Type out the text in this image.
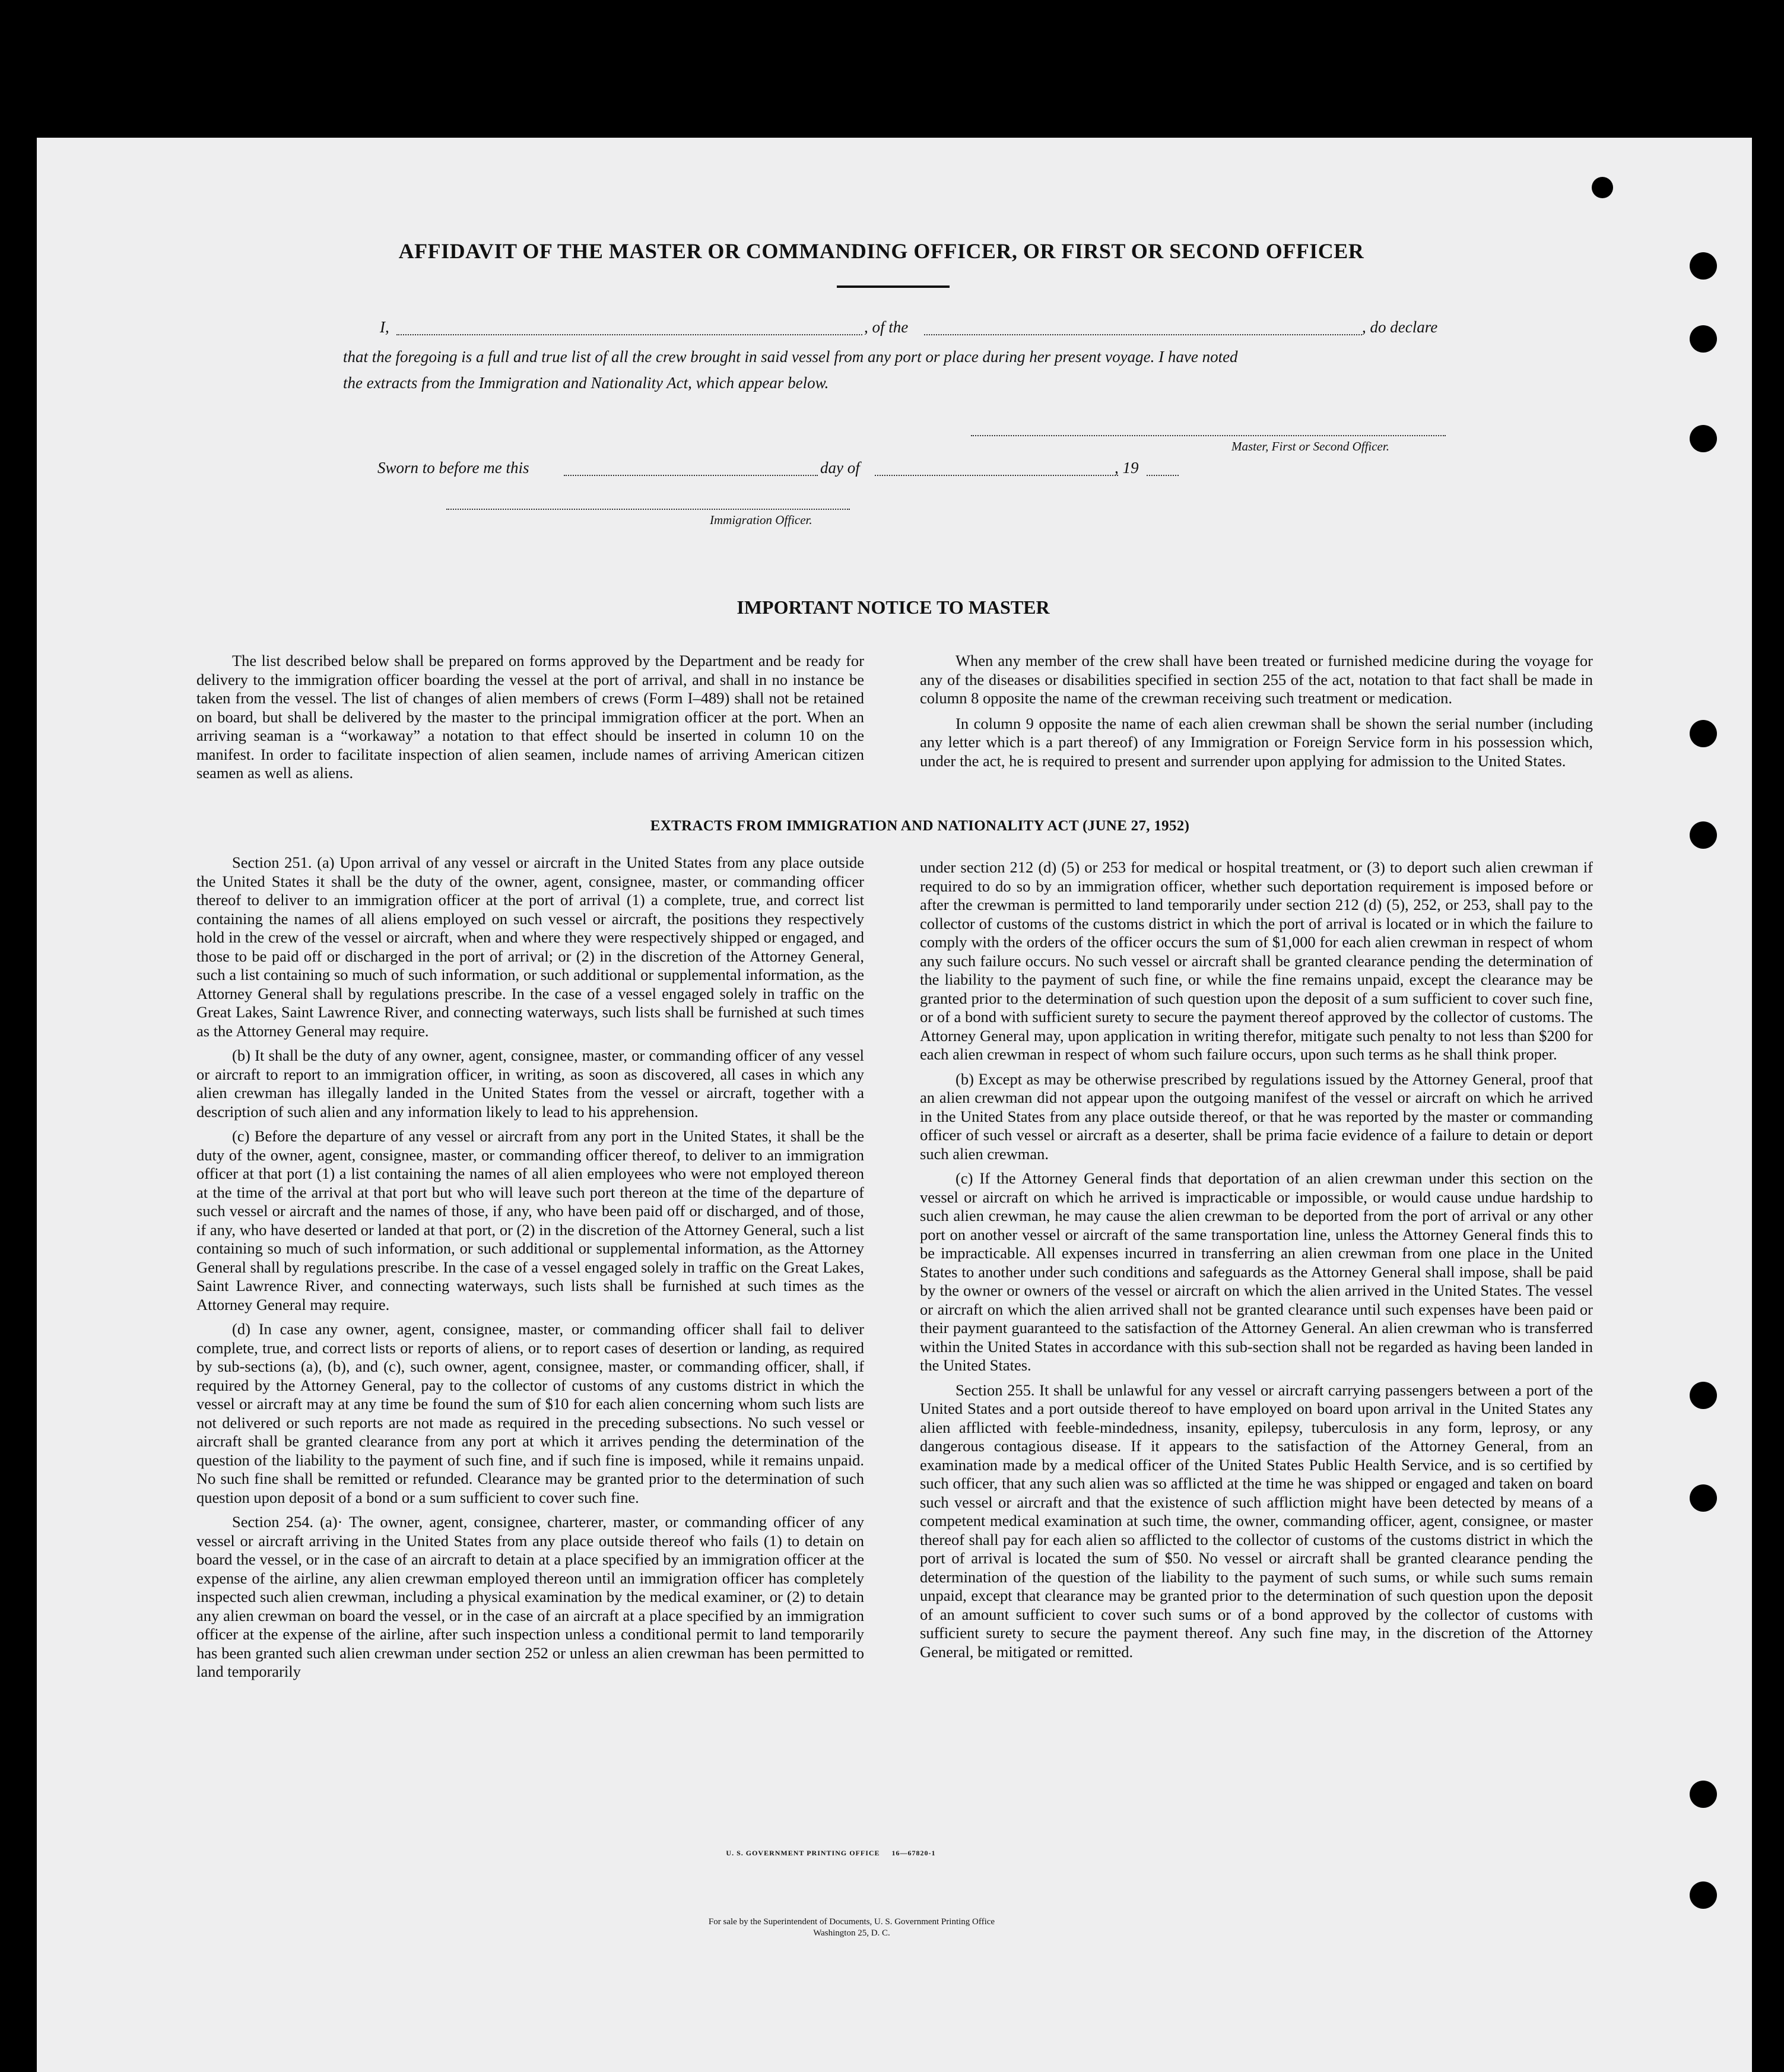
AFFIDAVIT OF THE MASTER OR COMMANDING OFFICER, OR FIRST OR SECOND OFFICER
I,	, of the	, do declare
that the foregoing is a full and true list of all the crew brought in said vessel from any port or place during her present voyage. I have noted
the extracts from the Immigration and Nationality Act, which appear below.
Master, First or Second Officer.
Sworn to before me this	day of	, 19
Immigration Officer.
IMPORTANT NOTICE TO MASTER

The list described below shall be prepared on forms approved by the Department and be ready for delivery to the immigration officer boarding the vessel at the port of arrival, and shall in no instance be taken from the vessel. The list of changes of alien members of crews (Form I–489) shall not be retained on board, but shall be delivered by the master to the principal immigration officer at the port. When an arriving seaman is a “workaway” a notation to that effect should be inserted in column 10 on the manifest. In order to facilitate inspection of alien seamen, include names of arriving American citizen seamen as well as aliens.

When any member of the crew shall have been treated or furnished medicine during the voyage for any of the diseases or disabilities specified in section 255 of the act, notation to that fact shall be made in column 8 opposite the name of the crewman receiving such treatment or medication.

In column 9 opposite the name of each alien crewman shall be shown the serial number (including any letter which is a part thereof) of any Immigration or Foreign Service form in his possession which, under the act, he is required to present and surrender upon applying for admission to the United States.

EXTRACTS FROM IMMIGRATION AND NATIONALITY ACT (JUNE 27, 1952)

Section 251. (a) Upon arrival of any vessel or aircraft in the United States from any place outside the United States it shall be the duty of the owner, agent, consignee, master, or commanding officer thereof to deliver to an immigration officer at the port of arrival (1) a complete, true, and correct list containing the names of all aliens employed on such vessel or aircraft, the positions they respectively hold in the crew of the vessel or aircraft, when and where they were respectively shipped or engaged, and those to be paid off or discharged in the port of arrival; or (2) in the discretion of the Attorney General, such a list containing so much of such information, or such additional or supplemental information, as the Attorney General shall by regulations prescribe. In the case of a vessel engaged solely in traffic on the Great Lakes, Saint Lawrence River, and connecting waterways, such lists shall be furnished at such times as the Attorney General may require.

(b) It shall be the duty of any owner, agent, consignee, master, or commanding officer of any vessel or aircraft to report to an immigration officer, in writing, as soon as discovered, all cases in which any alien crewman has illegally landed in the United States from the vessel or aircraft, together with a description of such alien and any information likely to lead to his apprehension.

(c) Before the departure of any vessel or aircraft from any port in the United States, it shall be the duty of the owner, agent, consignee, master, or commanding officer thereof, to deliver to an immigration officer at that port (1) a list containing the names of all alien employees who were not employed thereon at the time of the arrival at that port but who will leave such port thereon at the time of the departure of such vessel or aircraft and the names of those, if any, who have been paid off or discharged, and of those, if any, who have deserted or landed at that port, or (2) in the discretion of the Attorney General, such a list containing so much of such information, or such additional or supplemental information, as the Attorney General shall by regulations prescribe. In the case of a vessel engaged solely in traffic on the Great Lakes, Saint Lawrence River, and connecting waterways, such lists shall be furnished at such times as the Attorney General may require.

(d) In case any owner, agent, consignee, master, or commanding officer shall fail to deliver complete, true, and correct lists or reports of aliens, or to report cases of desertion or landing, as required by sub-sections (a), (b), and (c), such owner, agent, consignee, master, or commanding officer, shall, if required by the Attorney General, pay to the collector of customs of any customs district in which the vessel or aircraft may at any time be found the sum of $10 for each alien concerning whom such lists are not delivered or such reports are not made as required in the preceding subsections. No such vessel or aircraft shall be granted clearance from any port at which it arrives pending the determination of the question of the liability to the payment of such fine, and if such fine is imposed, while it remains unpaid. No such fine shall be remitted or refunded. Clearance may be granted prior to the determination of such question upon deposit of a bond or a sum sufficient to cover such fine.

Section 254. (a)· The owner, agent, consignee, charterer, master, or commanding officer of any vessel or aircraft arriving in the United States from any place outside thereof who fails (1) to detain on board the vessel, or in the case of an aircraft to detain at a place specified by an immigration officer at the expense of the airline, any alien crewman employed thereon until an immigration officer has completely inspected such alien crewman, including a physical examination by the medical examiner, or (2) to detain any alien crewman on board the vessel, or in the case of an aircraft at a place specified by an immigration officer at the expense of the airline, after such inspection unless a conditional permit to land temporarily has been granted such alien crewman under section 252 or unless an alien crewman has been permitted to land temporarily

under section 212 (d) (5) or 253 for medical or hospital treatment, or (3) to deport such alien crewman if required to do so by an immigration officer, whether such deportation requirement is imposed before or after the crewman is permitted to land temporarily under section 212 (d) (5), 252, or 253, shall pay to the collector of customs of the customs district in which the port of arrival is located or in which the failure to comply with the orders of the officer occurs the sum of $1,000 for each alien crewman in respect of whom any such failure occurs. No such vessel or aircraft shall be granted clearance pending the determination of the liability to the payment of such fine, or while the fine remains unpaid, except the clearance may be granted prior to the determination of such question upon the deposit of a sum sufficient to cover such fine, or of a bond with sufficient surety to secure the payment thereof approved by the collector of customs. The Attorney General may, upon application in writing therefor, mitigate such penalty to not less than $200 for each alien crewman in respect of whom such failure occurs, upon such terms as he shall think proper.

(b) Except as may be otherwise prescribed by regulations issued by the Attorney General, proof that an alien crewman did not appear upon the outgoing manifest of the vessel or aircraft on which he arrived in the United States from any place outside thereof, or that he was reported by the master or commanding officer of such vessel or aircraft as a deserter, shall be prima facie evidence of a failure to detain or deport such alien crewman.

(c) If the Attorney General finds that deportation of an alien crewman under this section on the vessel or aircraft on which he arrived is impracticable or impossible, or would cause undue hardship to such alien crewman, he may cause the alien crewman to be deported from the port of arrival or any other port on another vessel or aircraft of the same transportation line, unless the Attorney General finds this to be impracticable. All expenses incurred in transferring an alien crewman from one place in the United States to another under such conditions and safeguards as the Attorney General shall impose, shall be paid by the owner or owners of the vessel or aircraft on which the alien arrived in the United States. The vessel or aircraft on which the alien arrived shall not be granted clearance until such expenses have been paid or their payment guaranteed to the satisfaction of the Attorney General. An alien crewman who is transferred within the United States in accordance with this sub-section shall not be regarded as having been landed in the United States.

Section 255. It shall be unlawful for any vessel or aircraft carrying passengers between a port of the United States and a port outside thereof to have employed on board upon arrival in the United States any alien afflicted with feeble-mindedness, insanity, epilepsy, tuberculosis in any form, leprosy, or any dangerous contagious disease. If it appears to the satisfaction of the Attorney General, from an examination made by a medical officer of the United States Public Health Service, and is so certified by such officer, that any such alien was so afflicted at the time he was shipped or engaged and taken on board such vessel or aircraft and that the existence of such affliction might have been detected by means of a competent medical examination at such time, the owner, commanding officer, agent, consignee, or master thereof shall pay for each alien so afflicted to the collector of customs of the customs district in which the port of arrival is located the sum of $50. No vessel or aircraft shall be granted clearance pending the determination of the question of the liability to the payment of such sums, or while such sums remain unpaid, except that clearance may be granted prior to the determination of such question upon the deposit of an amount sufficient to cover such sums or of a bond approved by the collector of customs with sufficient surety to secure the payment thereof. Any such fine may, in the discretion of the Attorney General, be mitigated or remitted.

U. S. GOVERNMENT PRINTING OFFICE     16—67820-1
For sale by the Superintendent of Documents, U. S. Government Printing Office
Washington 25, D. C.
